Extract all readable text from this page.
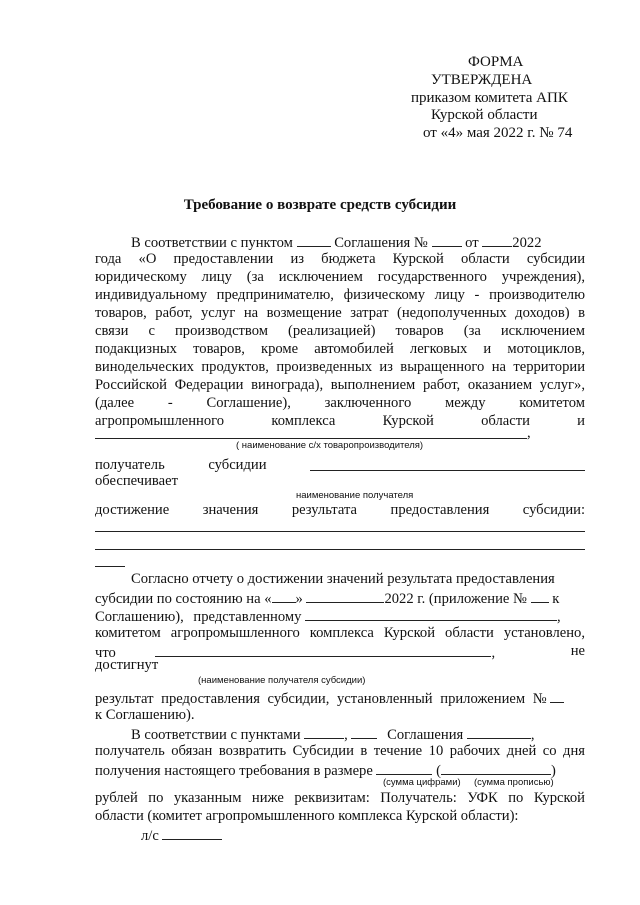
ФОРМА
УТВЕРЖДЕНА
приказом комитета АПК
Курской области
от «4» мая 2022 г. № 74
Требование о возврате средств субсидии
В соответствии с пунктом	Соглашения №	от 2022
года «О предоставлении из бюджета Курской области субсидии
юридическому лицу (за исключением государственного учреждения),
индивидуальному предпринимателю, физическому лицу - производителю
товаров, работ, услуг на возмещение затрат (недополученных доходов) в
связи с производством (реализацией) товаров (за исключением
подакцизных товаров, кроме автомобилей легковых и мотоциклов,
винодельческих продуктов, произведенных из выращенного на территории
Российской Федерации винограда), выполнением работ, оказанием услуг»,
(далее - Соглашение), заключенного между комитетом
агропромышленного комплекса Курской области и
,
( наименование с/х товаропроизводителя)
получатель субсидии
обеспечивает
наименование получателя
достижение значения результата предоставления субсидии:
Согласно отчету о достижении значений результата предоставления
субсидии по состоянию на « »	2022 г. (приложение № к
Соглашению), представленному	,
комитетом агропромышленного комплекса Курской области установлено,
что	,	не
достигнут
(наименование получателя субсидии)
результат предоставления субсидии, установленный приложением №
к Соглашению).
В соответствии с пунктами	,	Соглашения	,
получатель обязан возвратить Субсидии в течение 10 рабочих дней со дня
получения настоящего требования в размере	(	)
(сумма цифрами) (сумма прописью)
рублей по указанным ниже реквизитам: Получатель: УФК по Курской
области (комитет агропромышленного комплекса Курской области):
л/с
